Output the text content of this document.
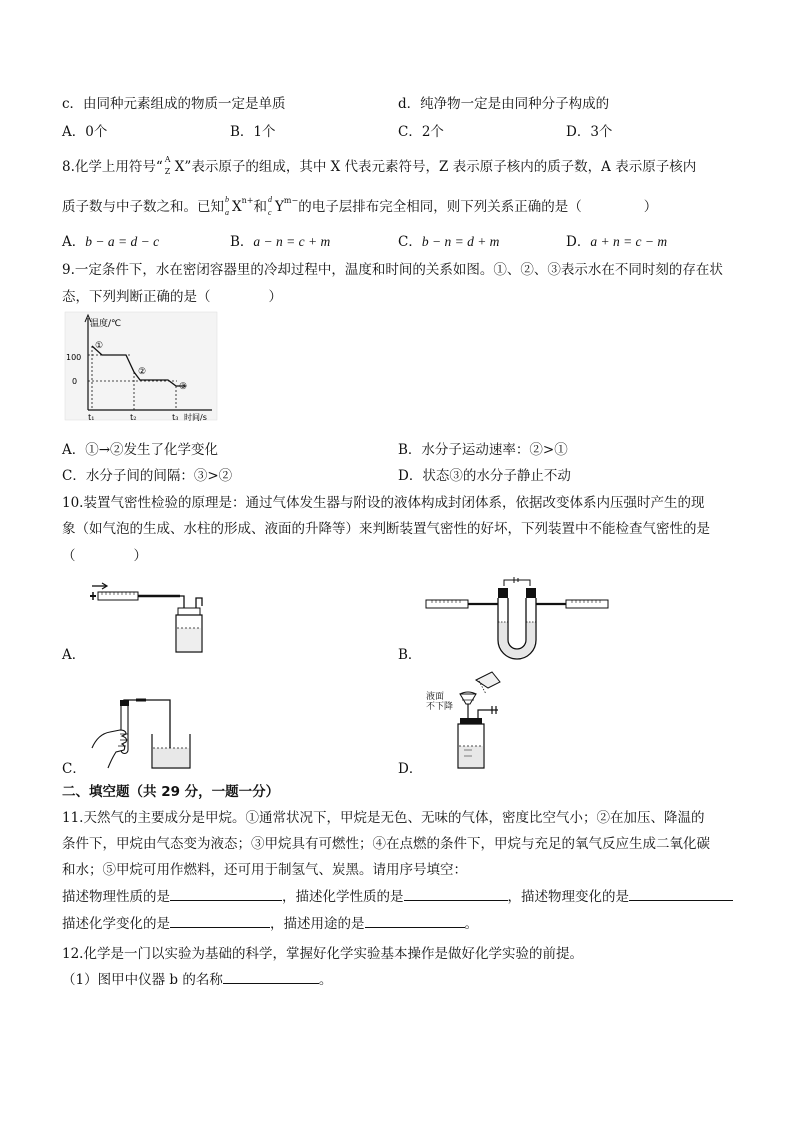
c．由同种元素组成的物质一定是单质	d．纯净物一定是由同种分子构成的
A．0个	B．1个	C．2个	D．3个
8.化学上用符号“ A
Z X”表示原子的组成，其中 X 代表元素符号，Z 表示原子核内的质子数，A 表示原子核内
质子数与中子数之和。已知 b
a $X^{n+}$和 d
c $Y^{m-}$的电子层排布完全相同，则下列关系正确的是（	）
A．b − a = d − c	B．a − n = c + m	C．b − n = d + m	D．a + n = c − m
9.一定条件下，水在密闭容器里的冷却过程中，温度和时间的关系如图。①、②、③表示水在不同时刻的存在状
态，下列判断正确的是（	）
温度/℃
100
0
①
②
③
t₁	t₂	t₃ 时间/s
A．①→②发生了化学变化	B．水分子运动速率：②>①
C．水分子间的间隔：③>②	D．状态③的水分子静止不动
10.装置气密性检验的原理是：通过气体发生器与附设的液体构成封闭体系，依据改变体系内压强时产生的现
象（如气泡的生成、水柱的形成、液面的升降等）来判断装置气密性的好坏，下列装置中不能检查气密性的是
（	）
A．	B．
C．
液面
不下降
D．
二、填空题（共 29 分，一题一分）
11.天然气的主要成分是甲烷。①通常状况下，甲烷是无色、无味的气体，密度比空气小；②在加压、降温的
条件下，甲烷由气态变为液态；③甲烷具有可燃性；④在点燃的条件下，甲烷与充足的氧气反应生成二氧化碳
和水；⑤甲烷可用作燃料，还可用于制氢气、炭黑。请用序号填空：
描述物理性质的是	，描述化学性质的是	，描述物理变化的是
描述化学变化的是	，描述用途的是	。
12.化学是一门以实验为基础的科学，掌握好化学实验基本操作是做好化学实验的前提。
（1）图甲中仪器 b 的名称	。
